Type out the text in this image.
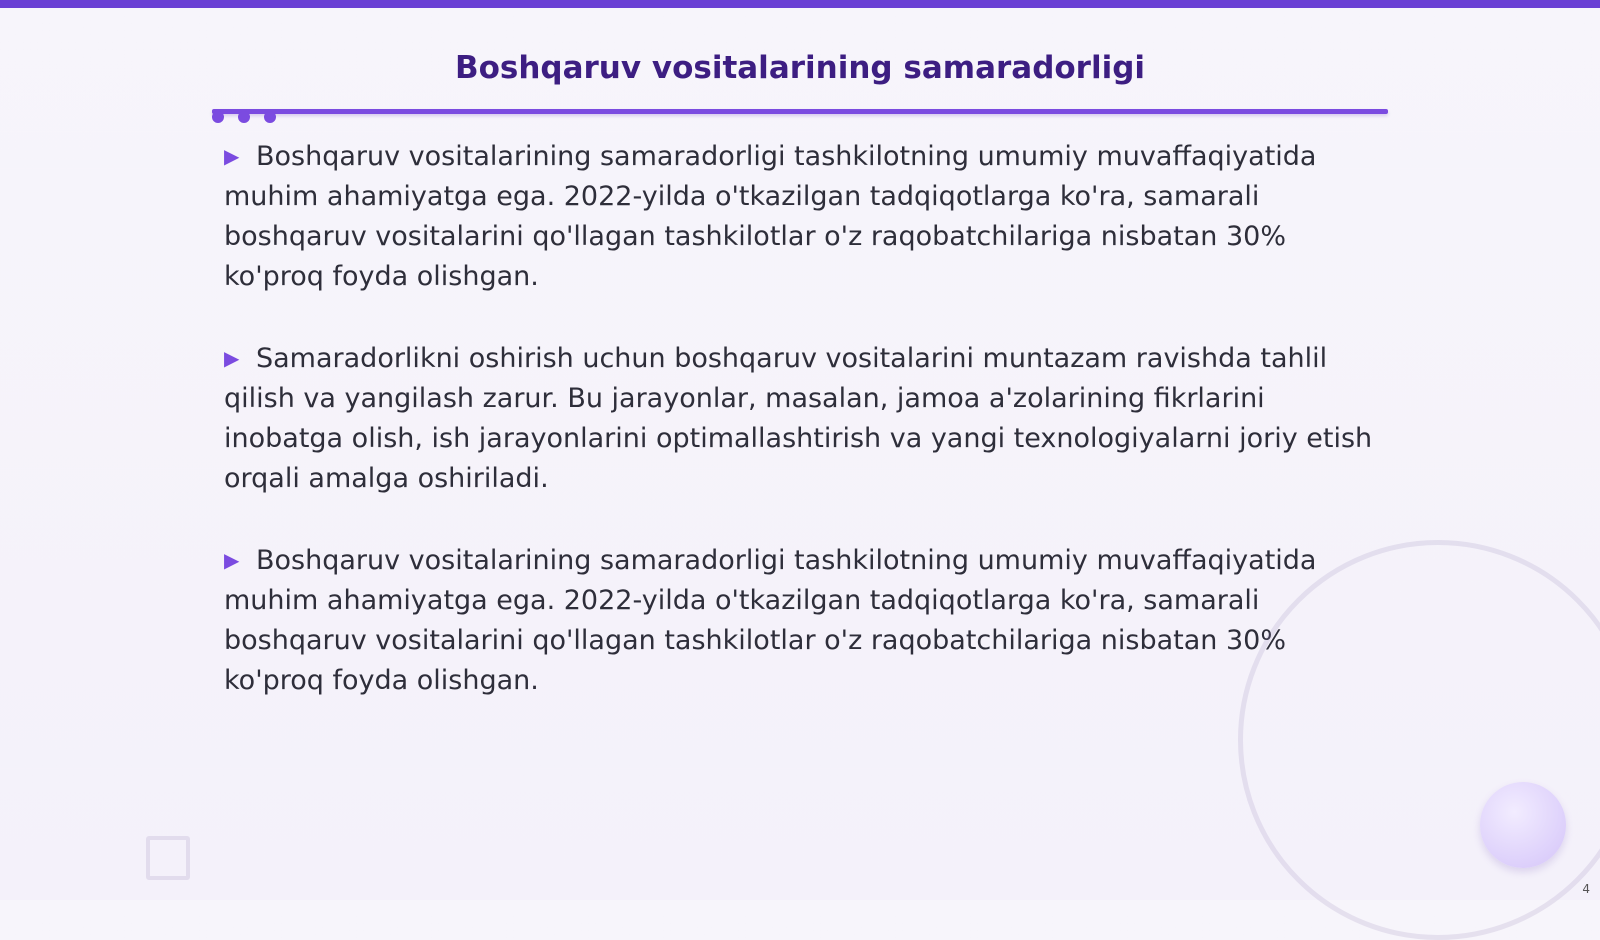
Boshqaruv vositalarining samaradorligi

▶ Boshqaruv vositalarining samaradorligi tashkilotning umumiy muvaffaqiyatida muhim ahamiyatga ega. 2022-yilda o'tkazilgan tadqiqotlarga ko'ra, samarali boshqaruv vositalarini qo'llagan tashkilotlar o'z raqobatchilariga nisbatan 30% ko'proq foyda olishgan.

▶ Samaradorlikni oshirish uchun boshqaruv vositalarini muntazam ravishda tahlil qilish va yangilash zarur. Bu jarayonlar, masalan, jamoa a'zolarining fikrlarini inobatga olish, ish jarayonlarini optimallashtirish va yangi texnologiyalarni joriy etish orqali amalga oshiriladi.

▶ Boshqaruv vositalarining samaradorligi tashkilotning umumiy muvaffaqiyatida muhim ahamiyatga ega. 2022-yilda o'tkazilgan tadqiqotlarga ko'ra, samarali boshqaruv vositalarini qo'llagan tashkilotlar o'z raqobatchilariga nisbatan 30% ko'proq foyda olishgan.

4
